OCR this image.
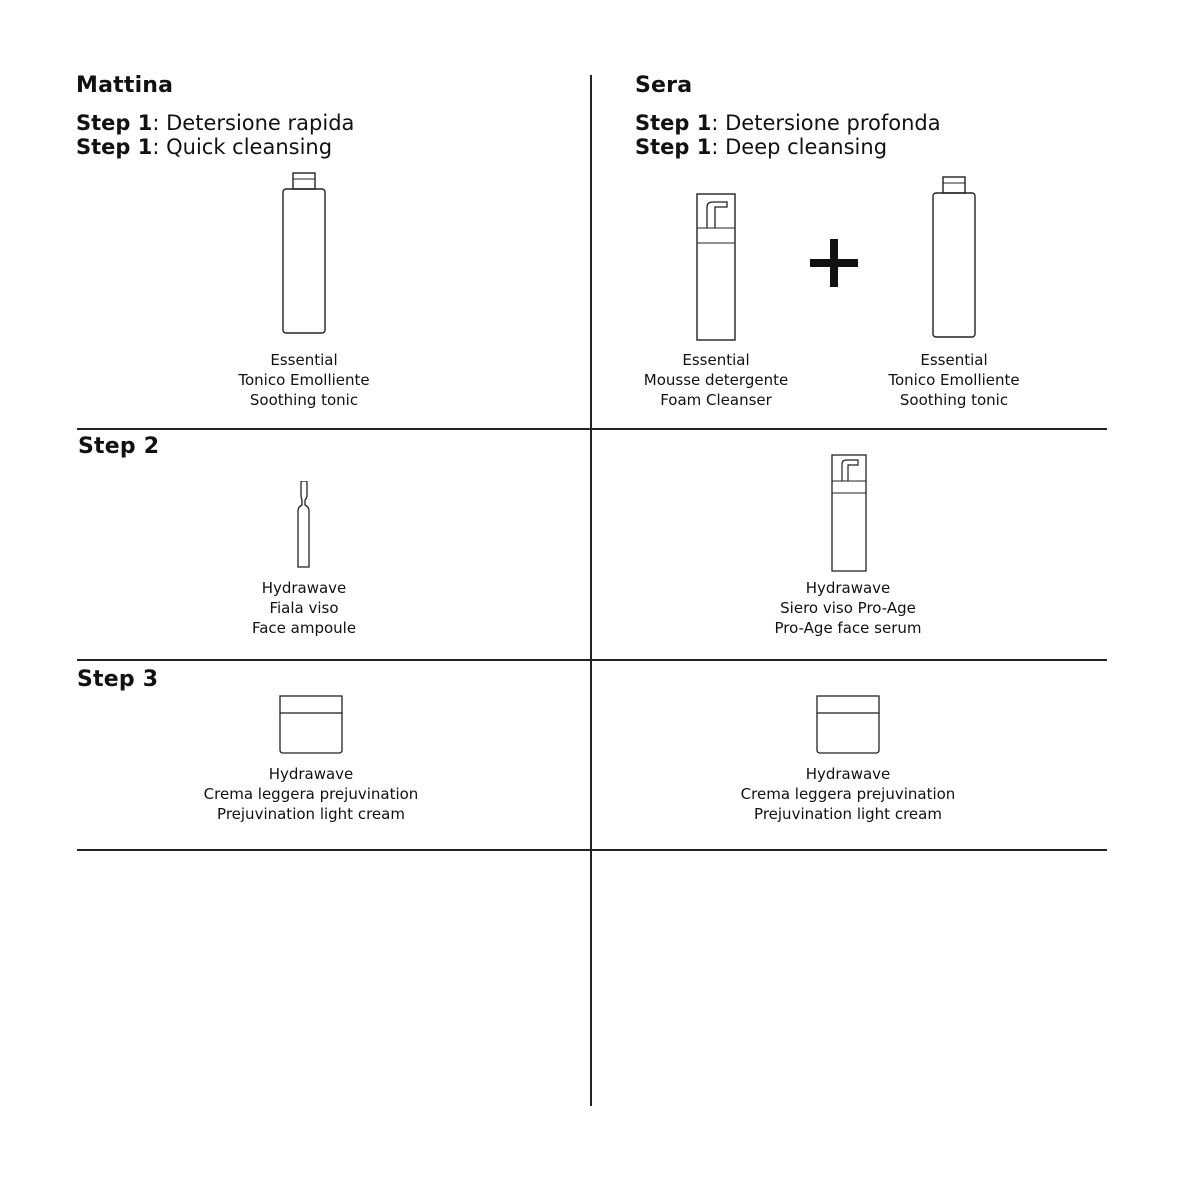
Mattina	Sera
Step 1: Detersione rapida
Step 1: Quick cleansing
Step 1: Detersione profonda
Step 1: Deep cleansing
Step 2
Step 3
Essential
Tonico Emolliente
Soothing tonic
Essential
Mousse detergente
Foam Cleanser
Essential
Tonico Emolliente
Soothing tonic
Hydrawave
Fiala viso
Face ampoule
Hydrawave
Siero viso Pro-Age
Pro-Age face serum
Hydrawave
Crema leggera prejuvination
Prejuvination light cream
Hydrawave
Crema leggera prejuvination
Prejuvination light cream
